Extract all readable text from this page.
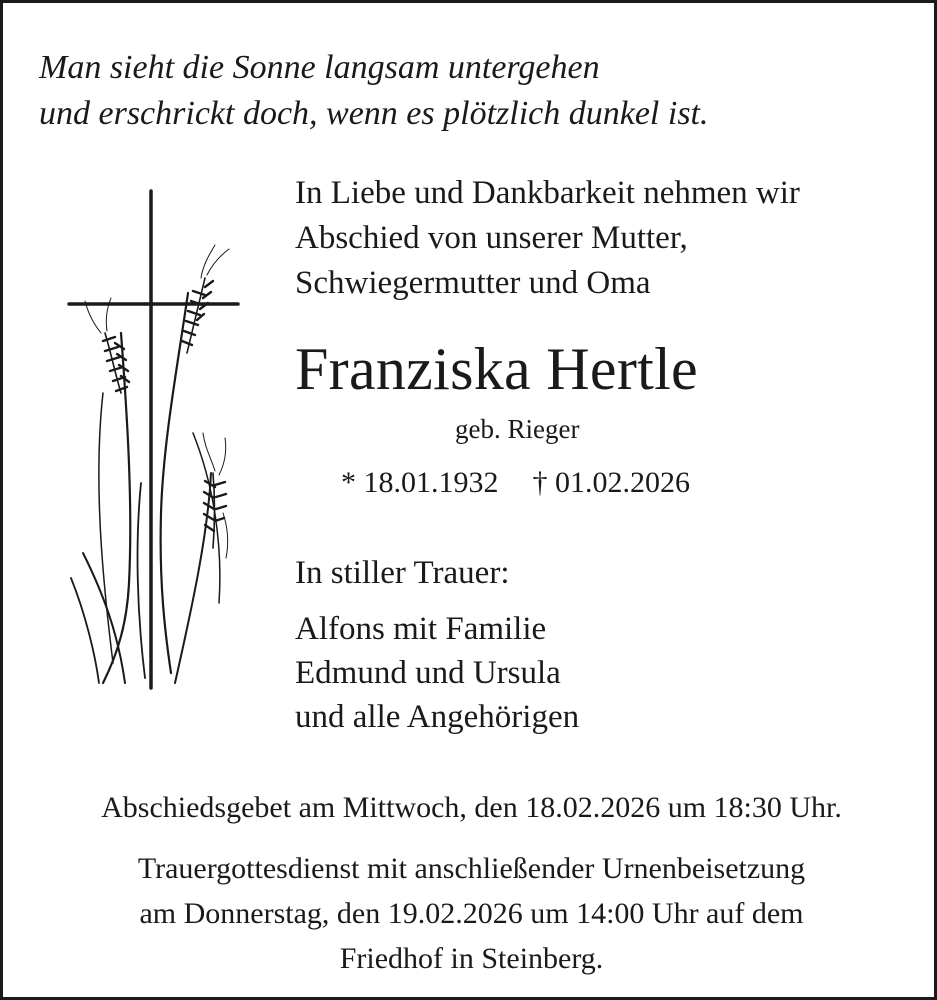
Man sieht die Sonne langsam untergehen
und erschrickt doch, wenn es plötzlich dunkel ist.
In Liebe und Dankbarkeit nehmen wir
Abschied von unserer Mutter,
Schwiegermutter und Oma
Franziska Hertle
geb. Rieger
* 18.01.1932 † 01.02.2026
In stiller Trauer:
Alfons mit Familie
Edmund und Ursula
und alle Angehörigen
Abschiedsgebet am Mittwoch, den 18.02.2026 um 18:30 Uhr.
Trauergottesdienst mit anschließender Urnenbeisetzung
am Donnerstag, den 19.02.2026 um 14:00 Uhr auf dem
Friedhof in Steinberg.
